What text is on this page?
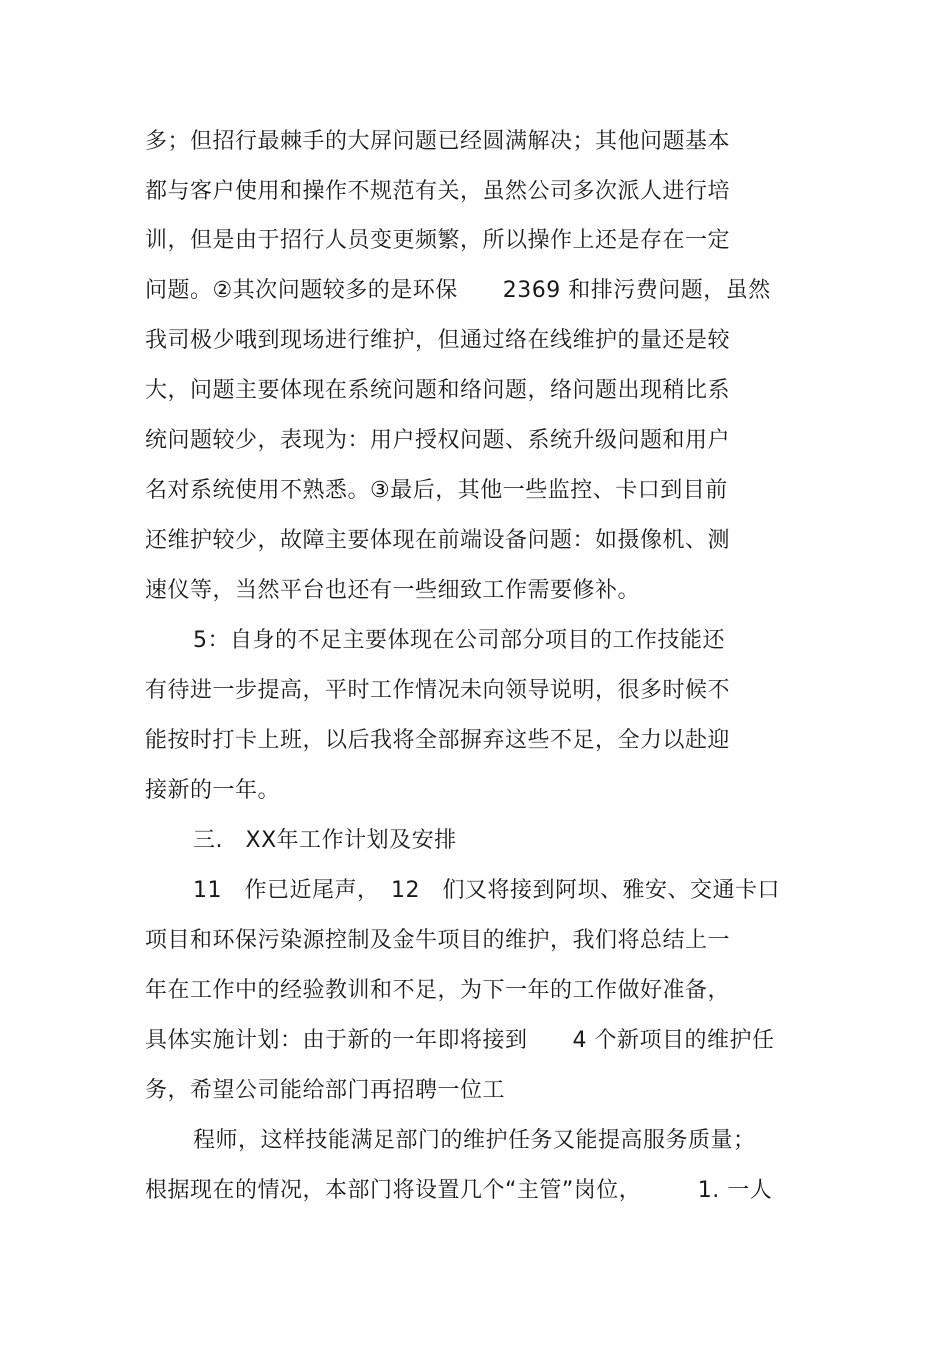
多；但招行最棘手的大屏问题已经圆满解决；其他问题基本
都与客户使用和操作不规范有关，虽然公司多次派人进行培
训，但是由于招行人员变更频繁，所以操作上还是存在一定
问题。②其次问题较多的是环保　　2369 和排污费问题，虽然
我司极少哦到现场进行维护，但通过络在线维护的量还是较
大，问题主要体现在系统问题和络问题，络问题出现稍比系
统问题较少，表现为：用户授权问题、系统升级问题和用户
名对系统使用不熟悉。③最后，其他一些监控、卡口到目前
还维护较少，故障主要体现在前端设备问题：如摄像机、测
速仪等，当然平台也还有一些细致工作需要修补。
5：自身的不足主要体现在公司部分项目的工作技能还
有待进一步提高，平时工作情况未向领导说明，很多时候不
能按时打卡上班，以后我将全部摒弃这些不足，全力以赴迎
接新的一年。
三.　XX年工作计划及安排
11　作已近尾声，　12　们又将接到阿坝、雅安、交通卡口
项目和环保污染源控制及金牛项目的维护，我们将总结上一
年在工作中的经验教训和不足，为下一年的工作做好准备，
具体实施计划：由于新的一年即将接到　　4 个新项目的维护任
务，希望公司能给部门再招聘一位工
程师，这样技能满足部门的维护任务又能提高服务质量；
根据现在的情况，本部门将设置几个“主管”岗位，　　　1. 一人
